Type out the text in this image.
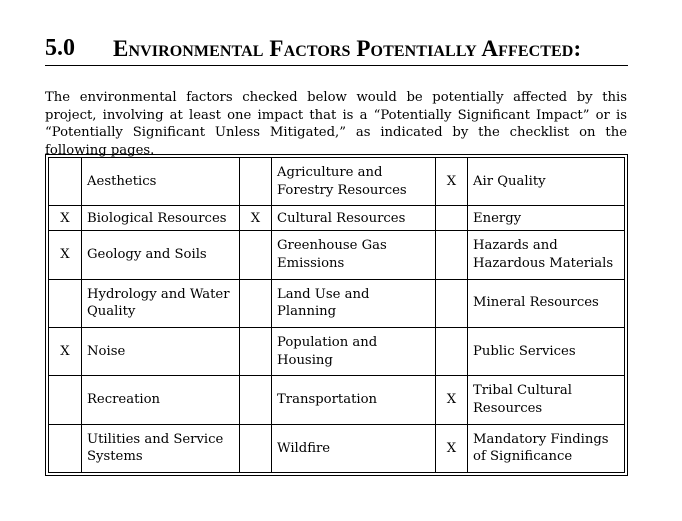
5.0 Environmental Factors Potentially Affected:
The environmental factors checked below would be potentially affected by this project, involving at least one impact that is a “Potentially Significant Impact” or is “Potentially Significant Unless Mitigated,” as indicated by the checklist on the following pages.
	Aesthetics		Agriculture and Forestry Resources	X	Air Quality
X	Biological Resources	X	Cultural Resources		Energy
X	Geology and Soils		Greenhouse Gas Emissions		Hazards and Hazardous Materials
	Hydrology and Water Quality		Land Use and Planning		Mineral Resources
X	Noise		Population and Housing		Public Services
	Recreation		Transportation	X	Tribal Cultural Resources
	Utilities and Service Systems		Wildfire	X	Mandatory Findings of Significance
